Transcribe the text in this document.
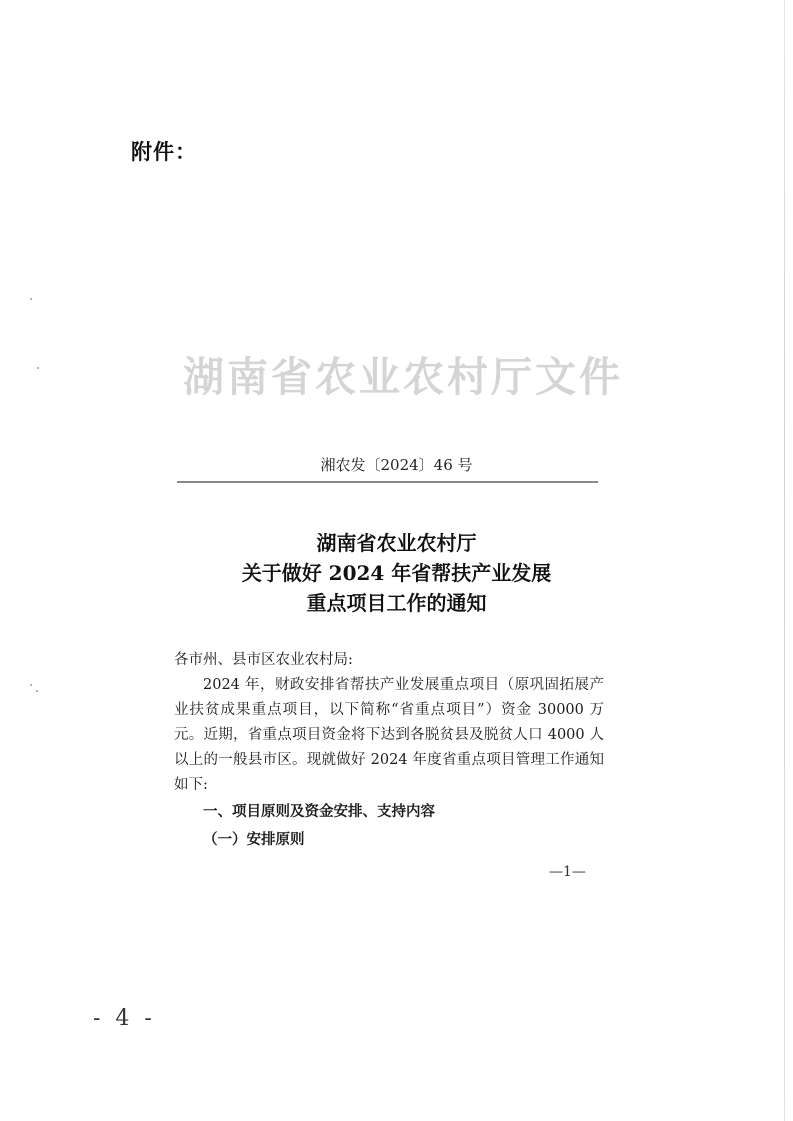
附件：
湖南省农业农村厅文件
湘农发〔2024〕46 号
湖南省农业农村厅
关于做好 2024 年省帮扶产业发展
重点项目工作的通知

各市州、县市区农业农村局:

2024 年，财政安排省帮扶产业发展重点项目（原巩固拓展产业扶贫成果重点项目，以下简称“省重点项目”）资金 30000 万元。近期，省重点项目资金将下达到各脱贫县及脱贫人口 4000 人以上的一般县市区。现就做好 2024 年度省重点项目管理工作通知如下:

一、项目原则及资金安排、支持内容

（一）安排原则

—1—
- 4 -
